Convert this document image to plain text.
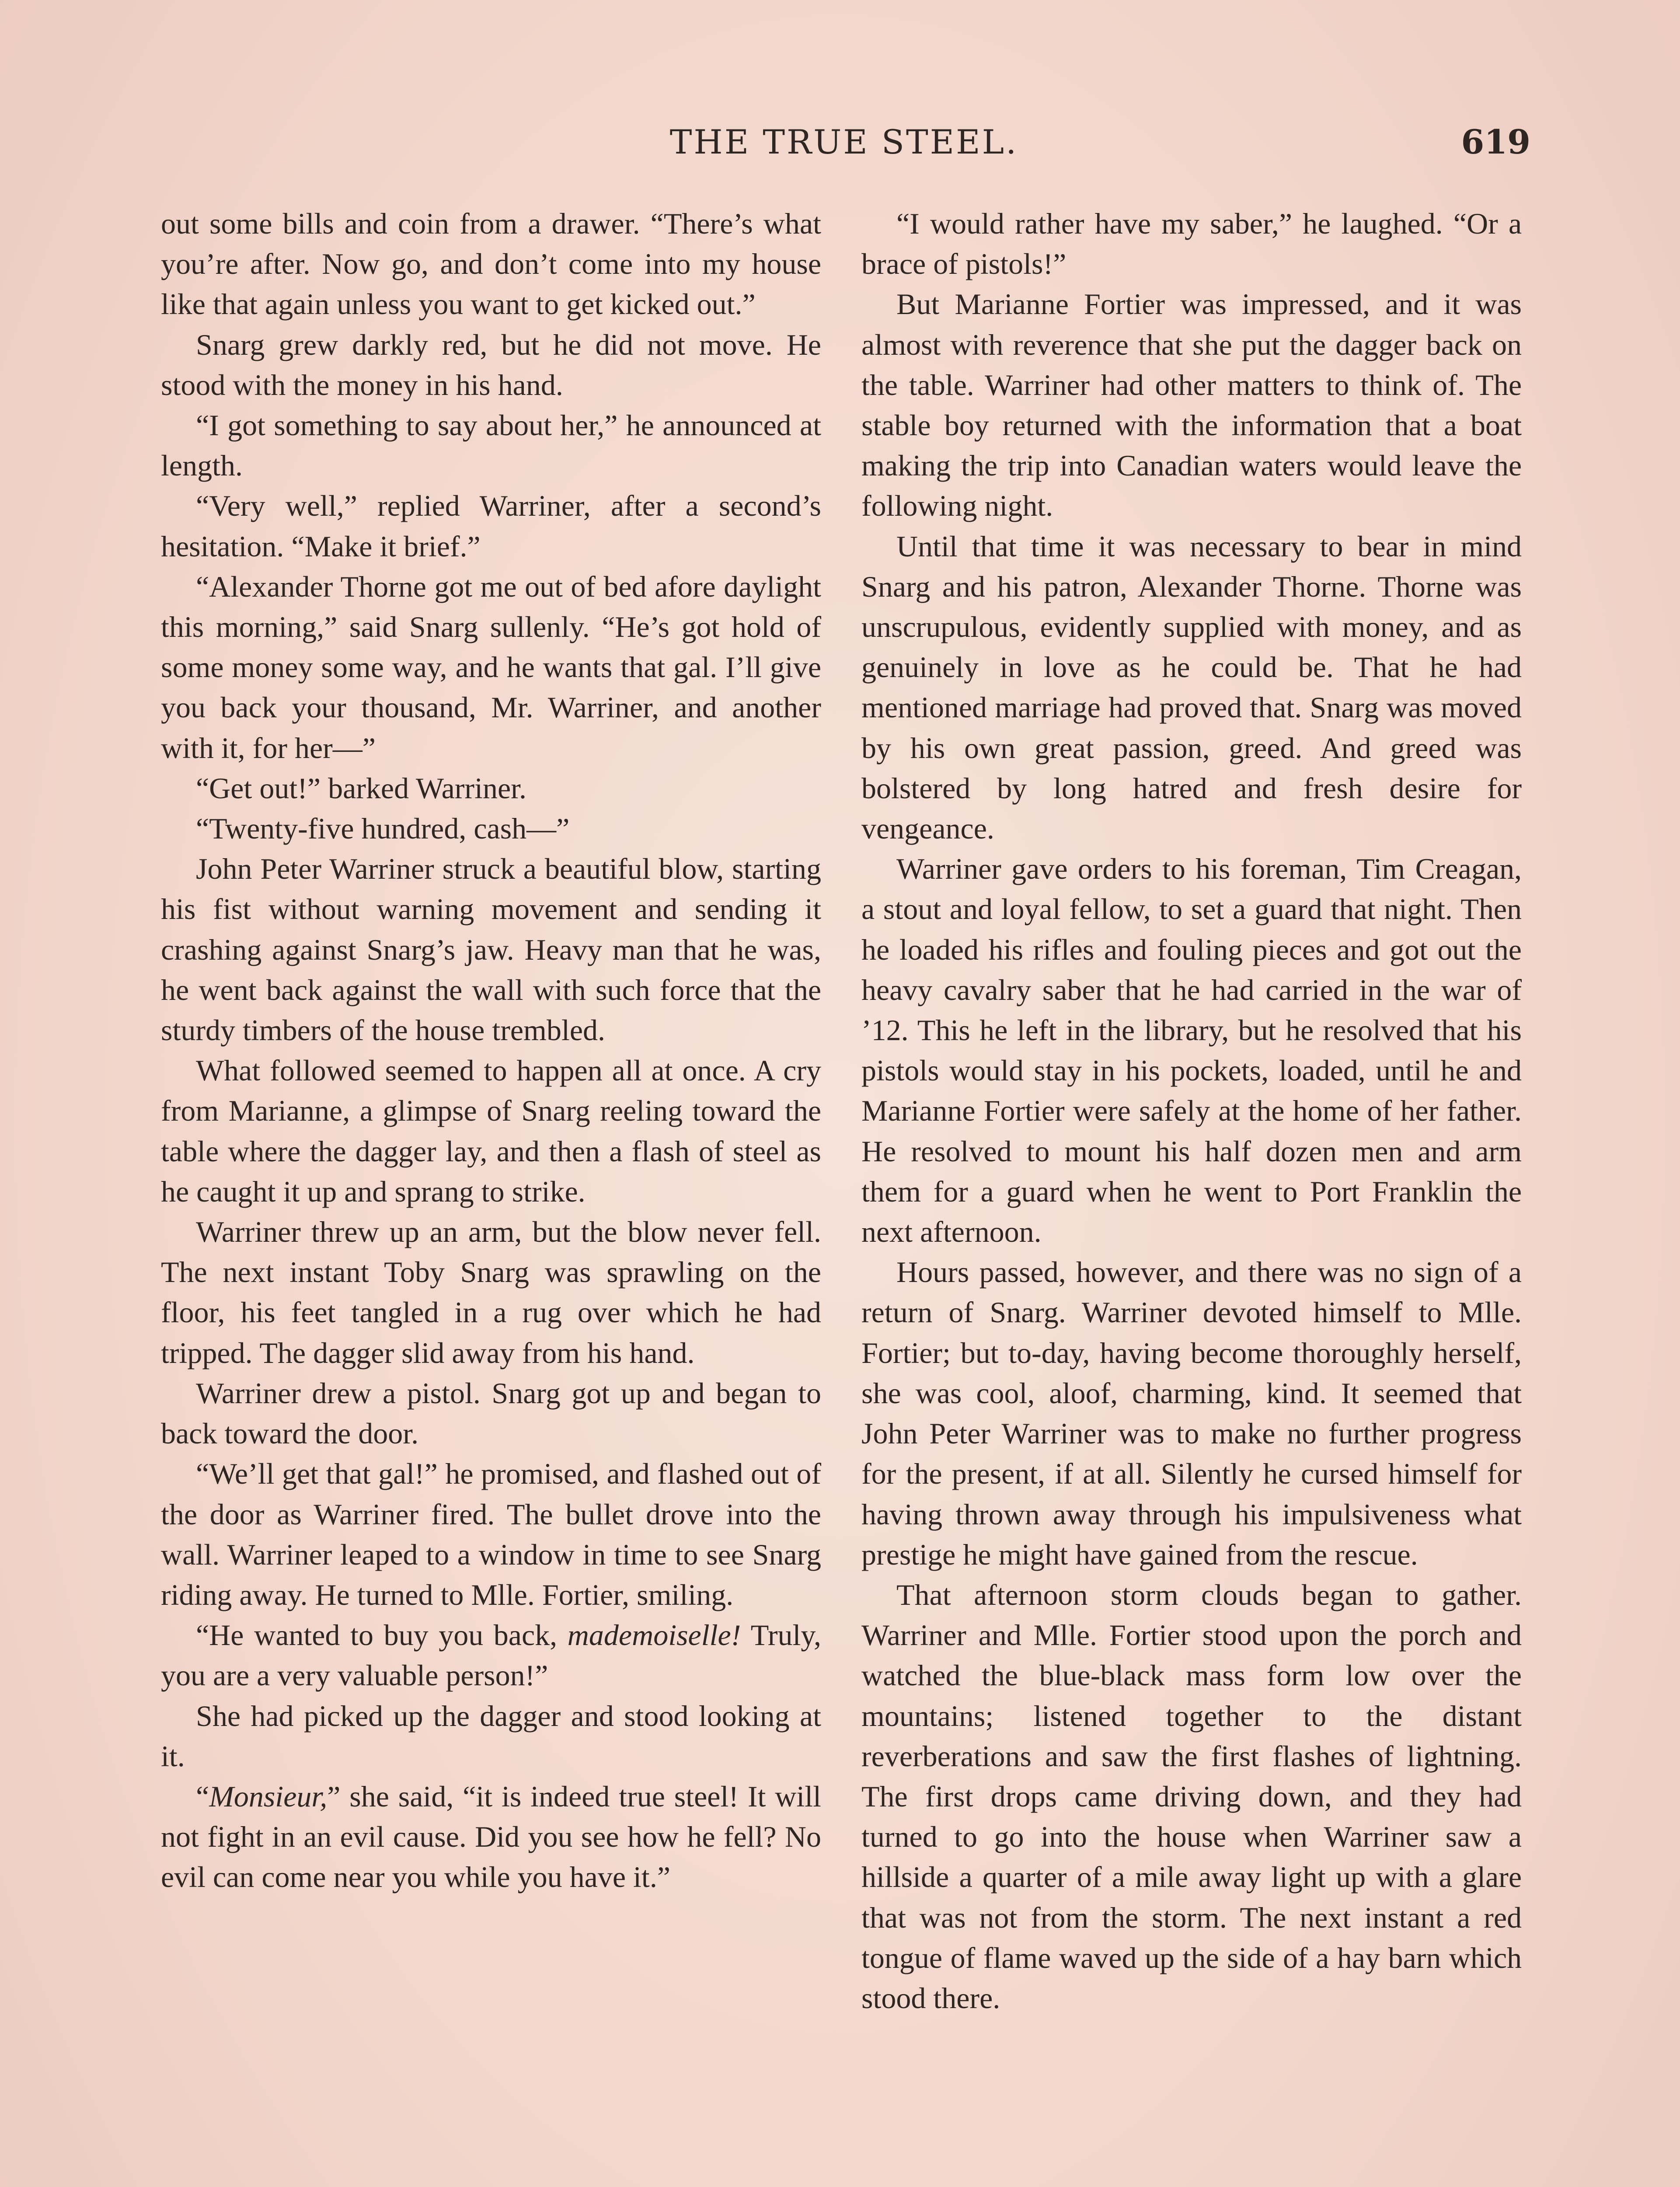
THE TRUE STEEL.	619

out some bills and coin from a drawer. “There’s what you’re after. Now go, and don’t come into my house like that again unless you want to get kicked out.”

Snarg grew darkly red, but he did not move. He stood with the money in his hand.

“I got something to say about her,” he announced at length.

“Very well,” replied Warriner, after a second’s hesitation. “Make it brief.”

“Alexander Thorne got me out of bed afore daylight this morning,” said Snarg sullenly. “He’s got hold of some money some way, and he wants that gal. I’ll give you back your thousand, Mr. Warriner, and another with it, for her—”

“Get out!” barked Warriner.

“Twenty-five hundred, cash—”

John Peter Warriner struck a beautiful blow, starting his fist without warning movement and sending it crashing against Snarg’s jaw. Heavy man that he was, he went back against the wall with such force that the sturdy timbers of the house trembled.

What followed seemed to happen all at once. A cry from Marianne, a glimpse of Snarg reeling toward the table where the dagger lay, and then a flash of steel as he caught it up and sprang to strike.

Warriner threw up an arm, but the blow never fell. The next instant Toby Snarg was sprawling on the floor, his feet tangled in a rug over which he had tripped. The dagger slid away from his hand.

Warriner drew a pistol. Snarg got up and began to back toward the door.

“We’ll get that gal!” he promised, and flashed out of the door as Warriner fired. The bullet drove into the wall. Warriner leaped to a window in time to see Snarg riding away. He turned to Mlle. Fortier, smiling.

“He wanted to buy you back, mademoiselle! Truly, you are a very valuable person!”

She had picked up the dagger and stood looking at it.

“Monsieur,” she said, “it is indeed true steel! It will not fight in an evil cause. Did you see how he fell? No evil can come near you while you have it.”

“I would rather have my saber,” he laughed. “Or a brace of pistols!”

But Marianne Fortier was impressed, and it was almost with reverence that she put the dagger back on the table. Warriner had other matters to think of. The stable boy returned with the information that a boat making the trip into Canadian waters would leave the following night.

Until that time it was necessary to bear in mind Snarg and his patron, Alexander Thorne. Thorne was unscrupulous, evidently supplied with money, and as genuinely in love as he could be. That he had mentioned marriage had proved that. Snarg was moved by his own great passion, greed. And greed was bolstered by long hatred and fresh desire for vengeance.

Warriner gave orders to his foreman, Tim Creagan, a stout and loyal fellow, to set a guard that night. Then he loaded his rifles and fouling pieces and got out the heavy cavalry saber that he had carried in the war of ’12. This he left in the library, but he resolved that his pistols would stay in his pockets, loaded, until he and Marianne Fortier were safely at the home of her father. He resolved to mount his half dozen men and arm them for a guard when he went to Port Franklin the next afternoon.

Hours passed, however, and there was no sign of a return of Snarg. Warriner devoted himself to Mlle. Fortier; but to-day, having become thoroughly herself, she was cool, aloof, charming, kind. It seemed that John Peter Warriner was to make no further progress for the present, if at all. Silently he cursed himself for having thrown away through his impulsiveness what prestige he might have gained from the rescue.

That afternoon storm clouds began to gather. Warriner and Mlle. Fortier stood upon the porch and watched the blue-black mass form low over the mountains; listened together to the distant reverberations and saw the first flashes of lightning. The first drops came driving down, and they had turned to go into the house when Warriner saw a hillside a quarter of a mile away light up with a glare that was not from the storm. The next instant a red tongue of flame waved up the side of a hay barn which stood there.
